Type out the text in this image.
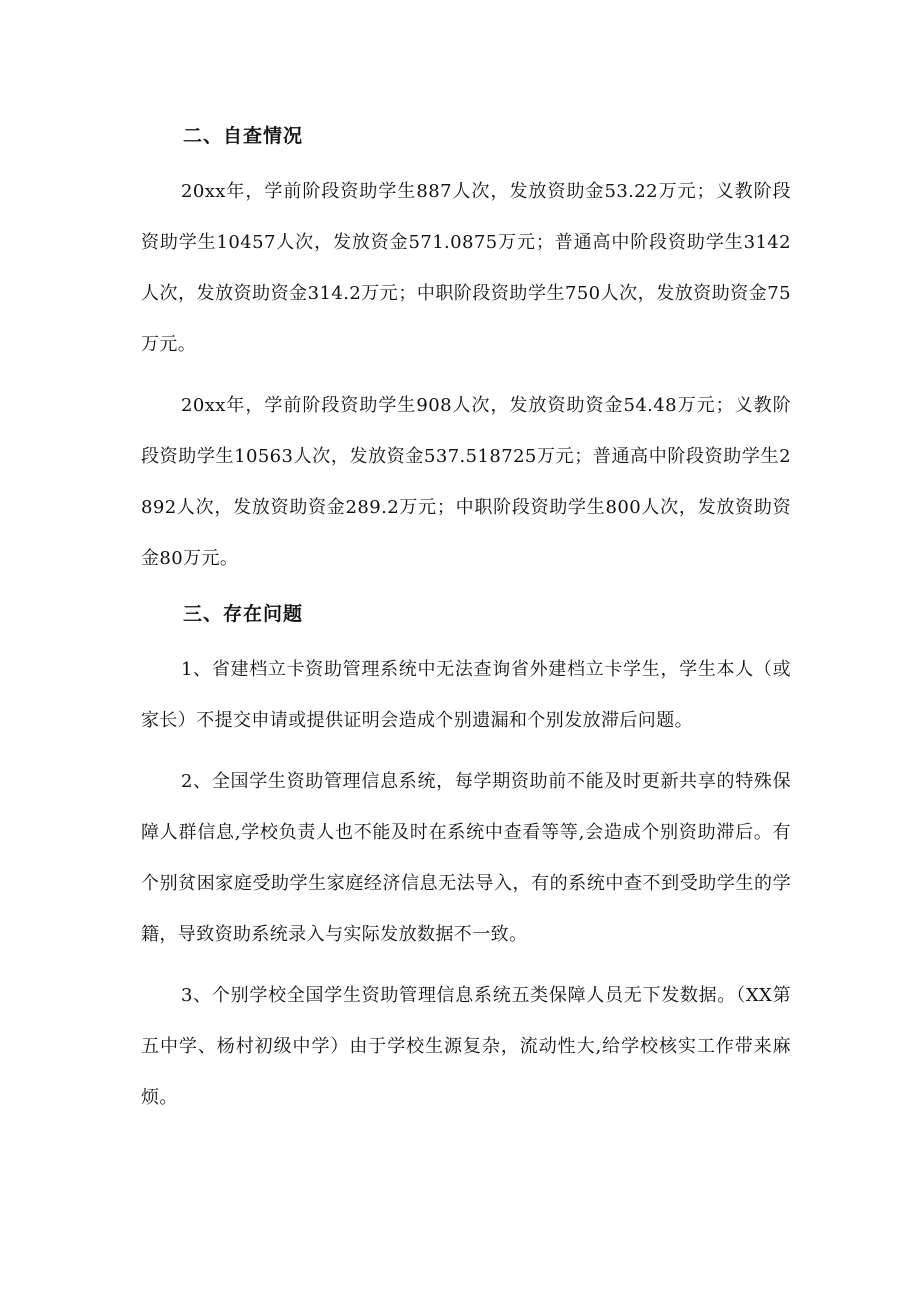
二、自查情况

20xx年，学前阶段资助学生887人次，发放资助金53.22万元；义教阶段资助学生10457人次，发放资金571.0875万元；普通高中阶段资助学生3142人次，发放资助资金314.2万元；中职阶段资助学生750人次，发放资助资金75万元。

20xx年，学前阶段资助学生908人次，发放资助资金54.48万元；义教阶段资助学生10563人次，发放资金537.518725万元；普通高中阶段资助学生2892人次，发放资助资金289.2万元；中职阶段资助学生800人次，发放资助资金80万元。

三、存在问题

1、省建档立卡资助管理系统中无法查询省外建档立卡学生，学生本人（或家长）不提交申请或提供证明会造成个别遗漏和个别发放滞后问题。

2、全国学生资助管理信息系统，每学期资助前不能及时更新共享的特殊保障人群信息,学校负责人也不能及时在系统中查看等等,会造成个别资助滞后。有个别贫困家庭受助学生家庭经济信息无法导入，有的系统中查不到受助学生的学籍，导致资助系统录入与实际发放数据不一致。

3、个别学校全国学生资助管理信息系统五类保障人员无下发数据。（XX第五中学、杨村初级中学）由于学校生源复杂，流动性大,给学校核实工作带来麻烦。
